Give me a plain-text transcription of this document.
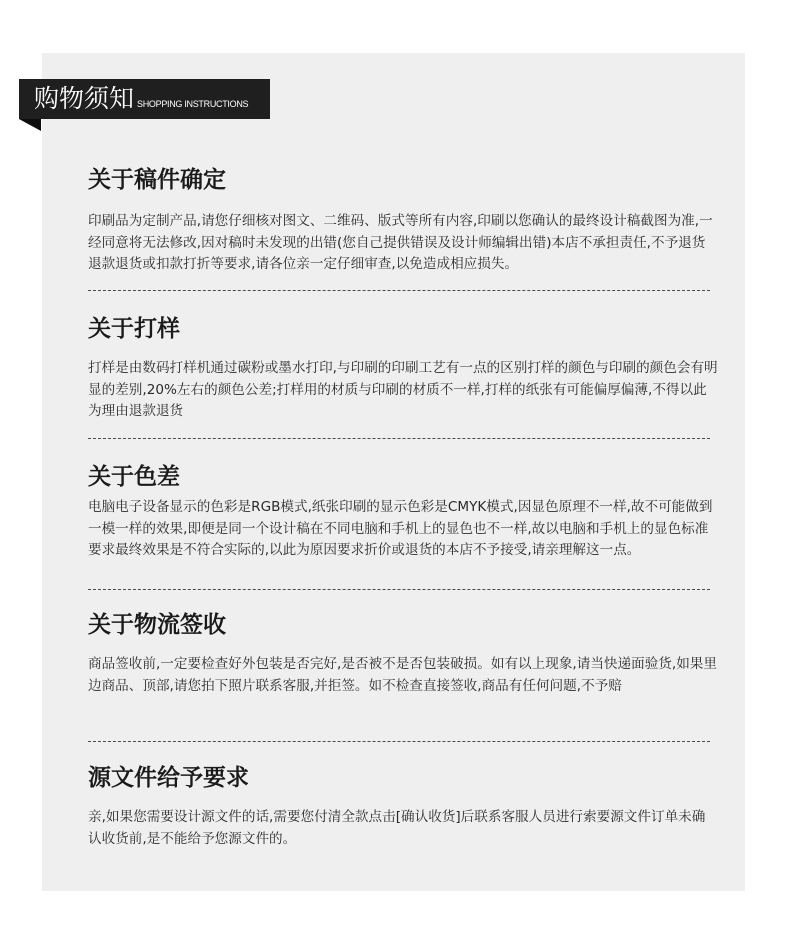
购物须知 SHOPPING INSTRUCTIONS
关于稿件确定
印刷品为定制产品,请您仔细核对图文、二维码、版式等所有内容,印刷以您确认的最终设计稿截图为准,一经同意将无法修改,因对稿时未发现的出错(您自己提供错误及设计师编辑出错)本店不承担责任,不予退货退款退货或扣款打折等要求,请各位亲一定仔细审查,以免造成相应损失。
关于打样
打样是由数码打样机通过碳粉或墨水打印,与印刷的印刷工艺有一点的区别打样的颜色与印刷的颜色会有明显的差别,20%左右的颜色公差;打样用的材质与印刷的材质不一样,打样的纸张有可能偏厚偏薄,不得以此为理由退款退货
关于色差
电脑电子设备显示的色彩是RGB模式,纸张印刷的显示色彩是CMYK模式,因显色原理不一样,故不可能做到一模一样的效果,即便是同一个设计稿在不同电脑和手机上的显色也不一样,故以电脑和手机上的显色标准要求最终效果是不符合实际的,以此为原因要求折价或退货的本店不予接受,请亲理解这一点。
关于物流签收
商品签收前,一定要检查好外包装是否完好,是否被不是否包装破损。如有以上现象,请当快递面验货,如果里边商品、顶部,请您拍下照片联系客服,并拒签。如不检查直接签收,商品有任何问题,不予赔
源文件给予要求
亲,如果您需要设计源文件的话,需要您付清全款点击[确认收货]后联系客服人员进行索要源文件订单未确认收货前,是不能给予您源文件的。
